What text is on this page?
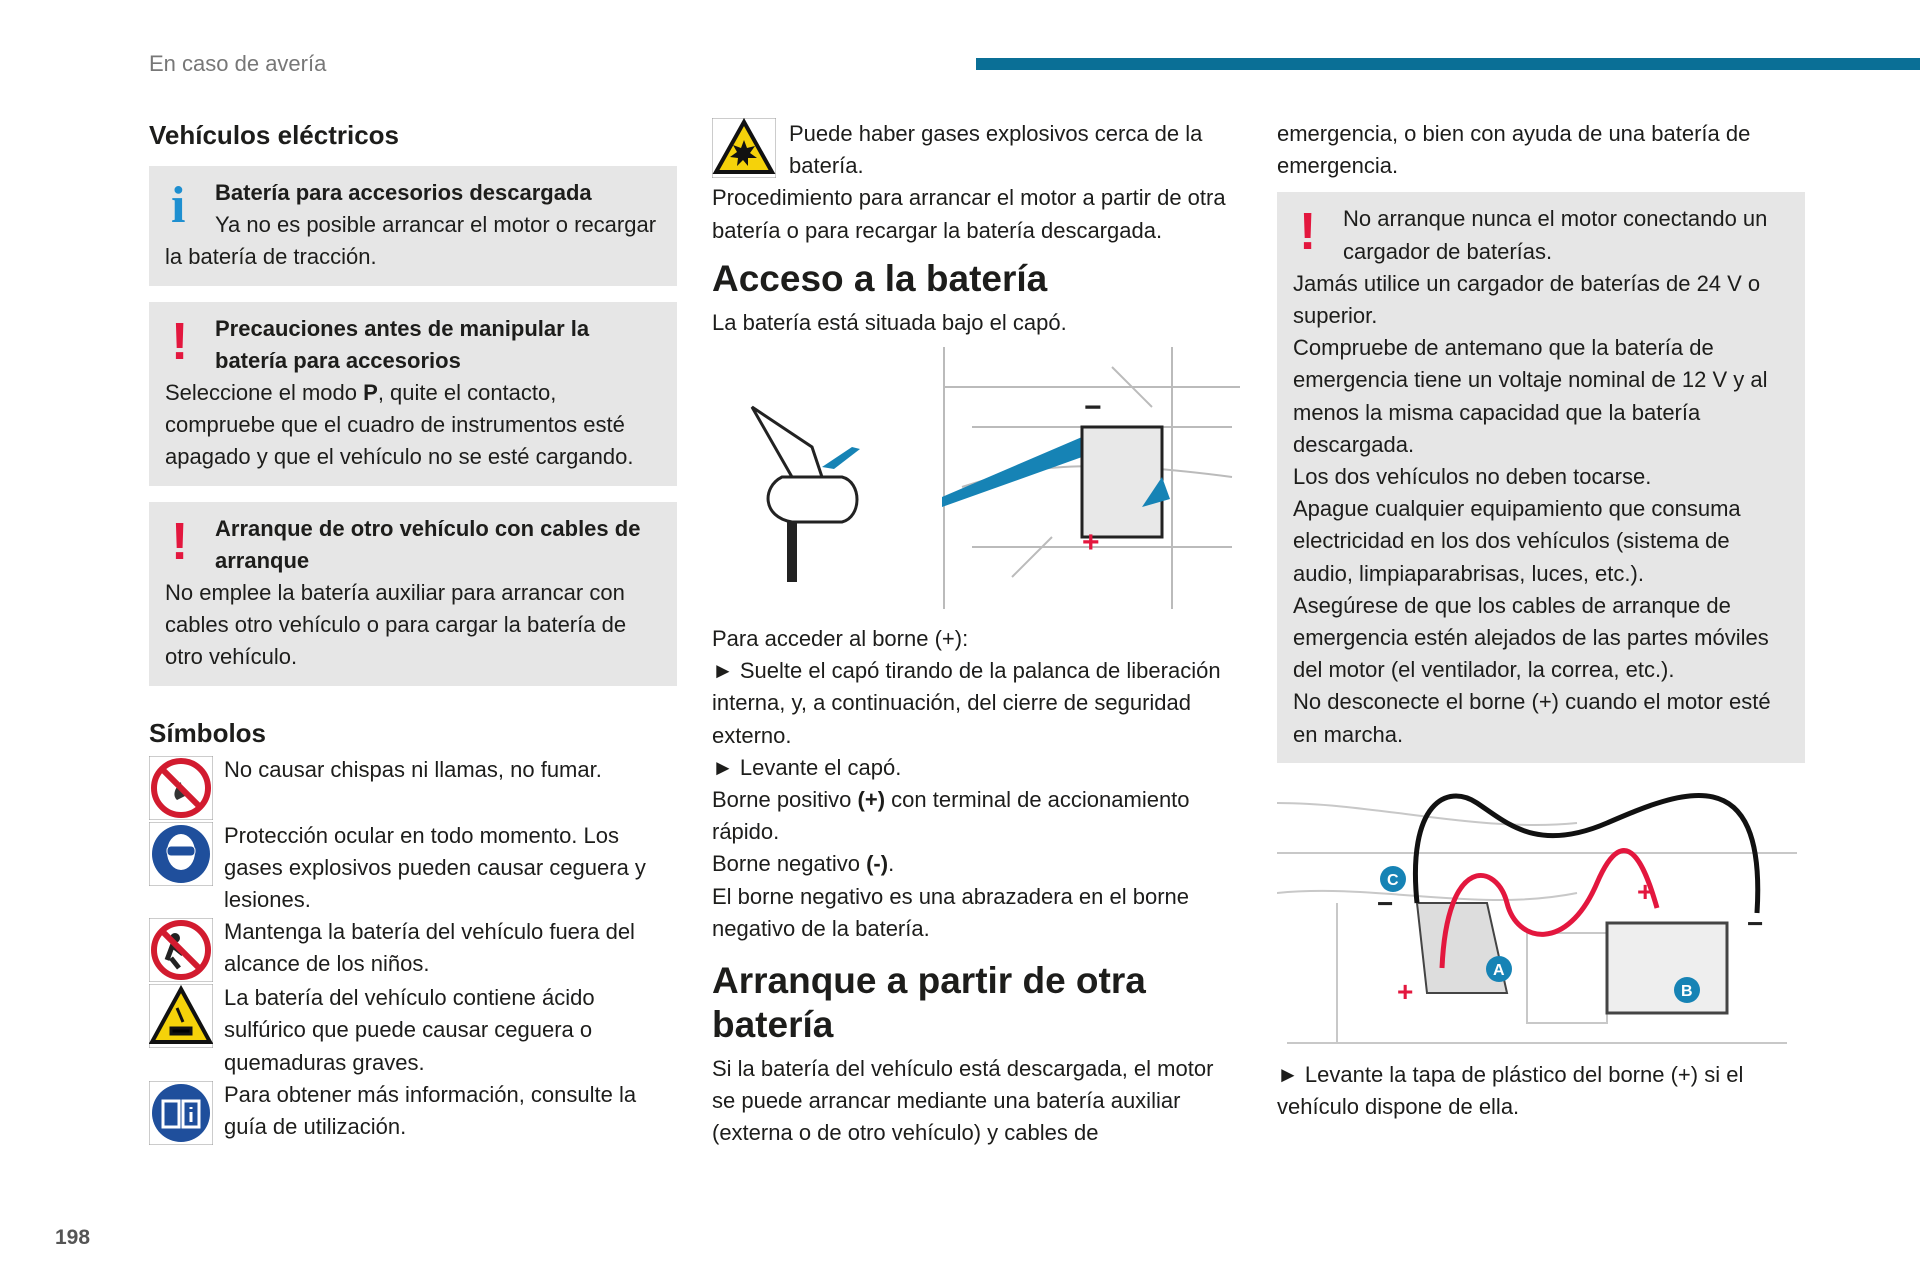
En caso de avería
198
Vehículos eléctricos
i	Batería para accesorios descargada
Ya no es posible arrancar el motor o recargar la batería de tracción.
!	Precauciones antes de manipular la batería para accesorios
Seleccione el modo P, quite el contacto, compruebe que el cuadro de instrumentos esté apagado y que el vehículo no se esté cargando.
!	Arranque de otro vehículo con cables de arranque
No emplee la batería auxiliar para arrancar con cables otro vehículo o para cargar la batería de otro vehículo.
Símbolos
No causar chispas ni llamas, no fumar.
Protección ocular en todo momento. Los gases explosivos pueden causar ceguera y lesiones.
Mantenga la batería del vehículo fuera del alcance de los niños.
La batería del vehículo contiene ácido sulfúrico que puede causar ceguera o quemaduras graves.
Para obtener más información, consulte la guía de utilización.
Puede haber gases explosivos cerca de la batería.
Procedimiento para arrancar el motor a partir de otra batería o para recargar la batería descargada.
Acceso a la batería
La batería está situada bajo el capó.
+
−
Para acceder al borne (+):
► Suelte el capó tirando de la palanca de liberación interna, y, a continuación, del cierre de seguridad externo.
► Levante el capó.
Borne positivo (+) con terminal de accionamiento rápido.
Borne negativo (-).
El borne negativo es una abrazadera en el borne negativo de la batería.
Arranque a partir de otra batería
Si la batería del vehículo está descargada, el motor se puede arrancar mediante una batería auxiliar (externa o de otro vehículo) y cables de
emergencia, o bien con ayuda de una batería de emergencia.
!	No arranque nunca el motor conectando un cargador de baterías.
Jamás utilice un cargador de baterías de 24 V o superior.
Compruebe de antemano que la batería de emergencia tiene un voltaje nominal de 12 V y al menos la misma capacidad que la batería descargada.
Los dos vehículos no deben tocarse.
Apague cualquier equipamiento que consuma electricidad en los dos vehículos (sistema de audio, limpiaparabrisas, luces, etc.).
Asegúrese de que los cables de arranque de emergencia estén alejados de las partes móviles del motor (el ventilador, la correa, etc.).
No desconecte el borne (+) cuando el motor esté en marcha.
C
A
B
+
+
−
−
► Levante la tapa de plástico del borne (+) si el vehículo dispone de ella.
